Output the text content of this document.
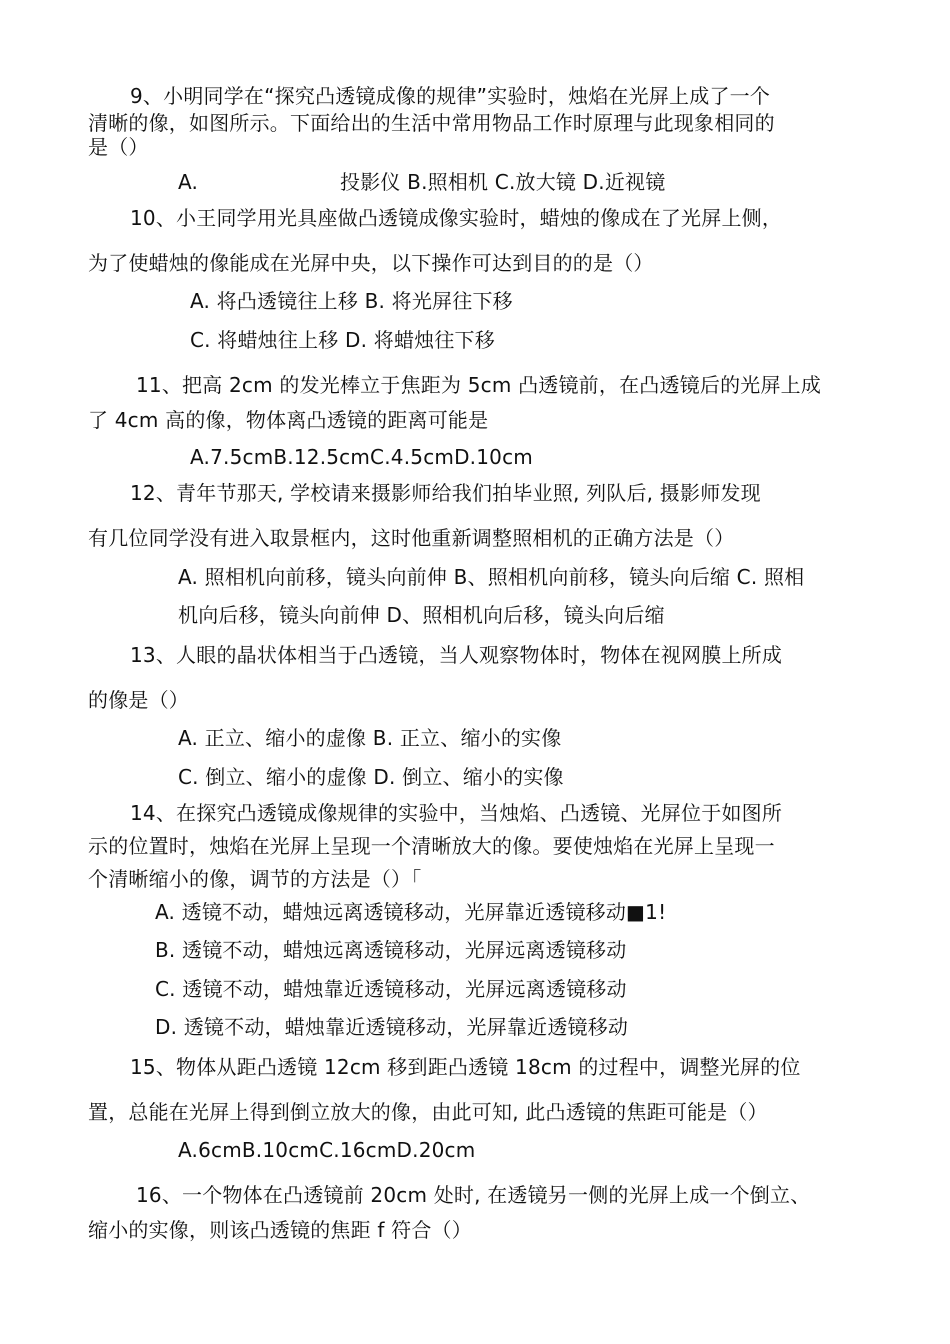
9、小明同学在“探究凸透镜成像的规律”实验时，烛焰在光屏上成了一个
清晰的像，如图所示。下面给出的生活中常用物品工作时原理与此现象相同的
是（）
A.	投影仪 B.照相机 C.放大镜 D.近视镜
10、小王同学用光具座做凸透镜成像实验时，蜡烛的像成在了光屏上侧，
为了使蜡烛的像能成在光屏中央，以下操作可达到目的的是（）
A. 将凸透镜往上移 B. 将光屏往下移
C. 将蜡烛往上移 D. 将蜡烛往下移
11、把高 2cm 的发光棒立于焦距为 5cm 凸透镜前，在凸透镜后的光屏上成
了 4cm 高的像，物体离凸透镜的距离可能是
A.7.5cmB.12.5cmC.4.5cmD.10cm
12、青年节那天, 学校请来摄影师给我们拍毕业照, 列队后, 摄影师发现
有几位同学没有进入取景框内，这时他重新调整照相机的正确方法是（）
A. 照相机向前移，镜头向前伸 B、照相机向前移，镜头向后缩 C. 照相
机向后移，镜头向前伸 D、照相机向后移，镜头向后缩
13、人眼的晶状体相当于凸透镜，当人观察物体时，物体在视网膜上所成
的像是（）
A. 正立、缩小的虚像 B. 正立、缩小的实像
C. 倒立、缩小的虚像 D. 倒立、缩小的实像
14、在探究凸透镜成像规律的实验中，当烛焰、凸透镜、光屏位于如图所
示的位置时，烛焰在光屏上呈现一个清晰放大的像。要使烛焰在光屏上呈现一
个清晰缩小的像，调节的方法是（）「
A. 透镜不动，蜡烛远离透镜移动，光屏靠近透镜移动■1!
B. 透镜不动，蜡烛远离透镜移动，光屏远离透镜移动
C. 透镜不动，蜡烛靠近透镜移动，光屏远离透镜移动
D. 透镜不动，蜡烛靠近透镜移动，光屏靠近透镜移动
15、物体从距凸透镜 12cm 移到距凸透镜 18cm 的过程中，调整光屏的位
置，总能在光屏上得到倒立放大的像，由此可知, 此凸透镜的焦距可能是（）
A.6cmB.10cmC.16cmD.20cm
16、一个物体在凸透镜前 20cm 处时, 在透镜另一侧的光屏上成一个倒立、
缩小的实像，则该凸透镜的焦距 f 符合（）
